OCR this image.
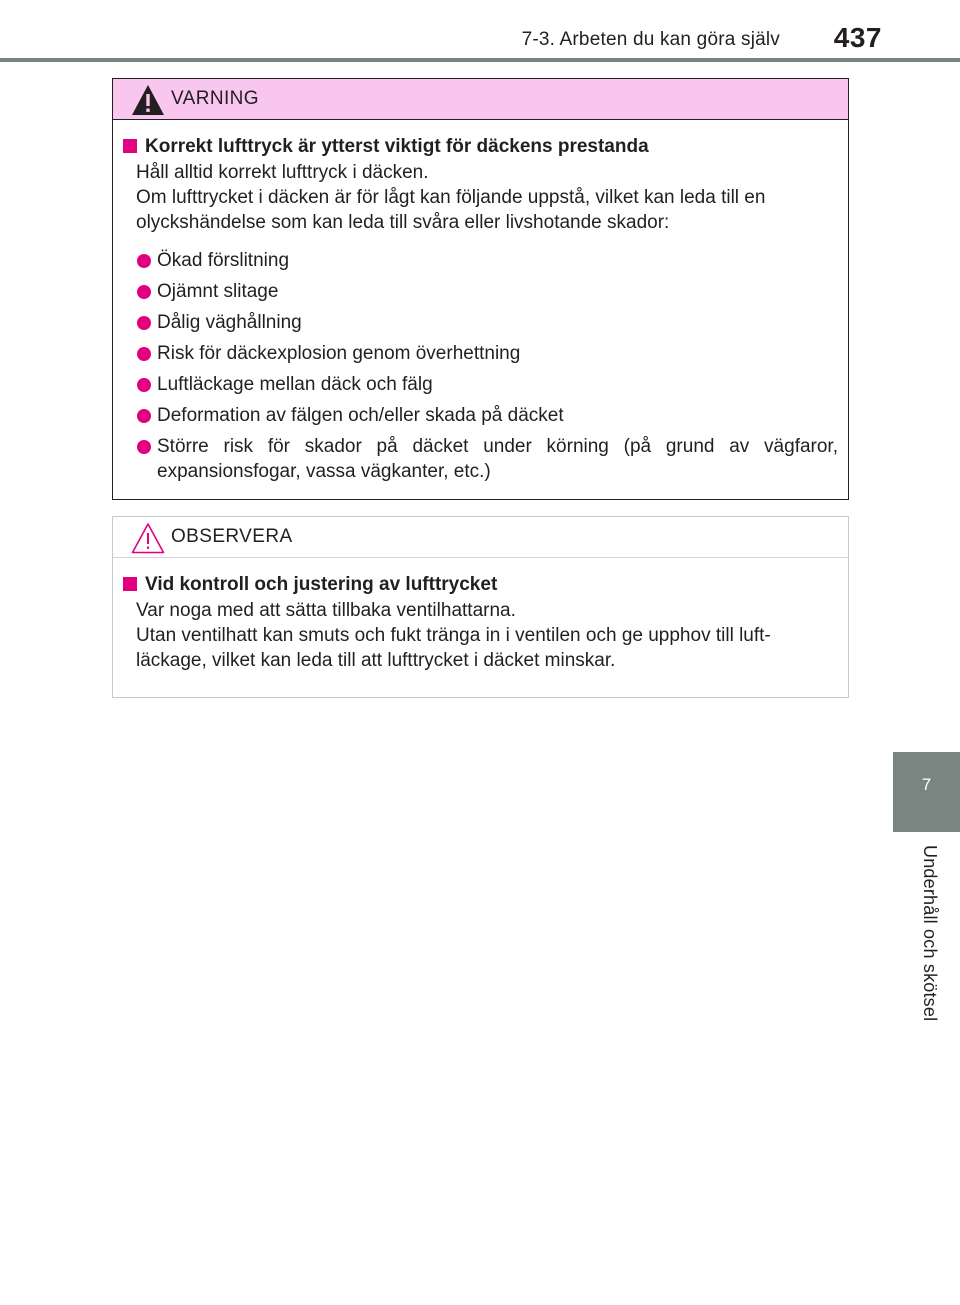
7-3. Arbeten du kan göra själv 437
7
Underhåll och skötsel
VARNING
Korrekt lufttryck är ytterst viktigt för däckens prestanda
Håll alltid korrekt lufttryck i däcken.
Om lufttrycket i däcken är för lågt kan följande uppstå, vilket kan leda till en olyckshändelse som kan leda till svåra eller livshotande skador:
Ökad förslitning
Ojämnt slitage
Dålig väghållning
Risk för däckexplosion genom överhettning
Luftläckage mellan däck och fälg
Deformation av fälgen och/eller skada på däcket
Större risk för skador på däcket under körning (på grund av vägfaror, expansionsfogar, vassa vägkanter, etc.)
OBSERVERA
Vid kontroll och justering av lufttrycket
Var noga med att sätta tillbaka ventilhattarna.
Utan ventilhatt kan smuts och fukt tränga in i ventilen och ge upphov till luft-läckage, vilket kan leda till att lufttrycket i däcket minskar.
